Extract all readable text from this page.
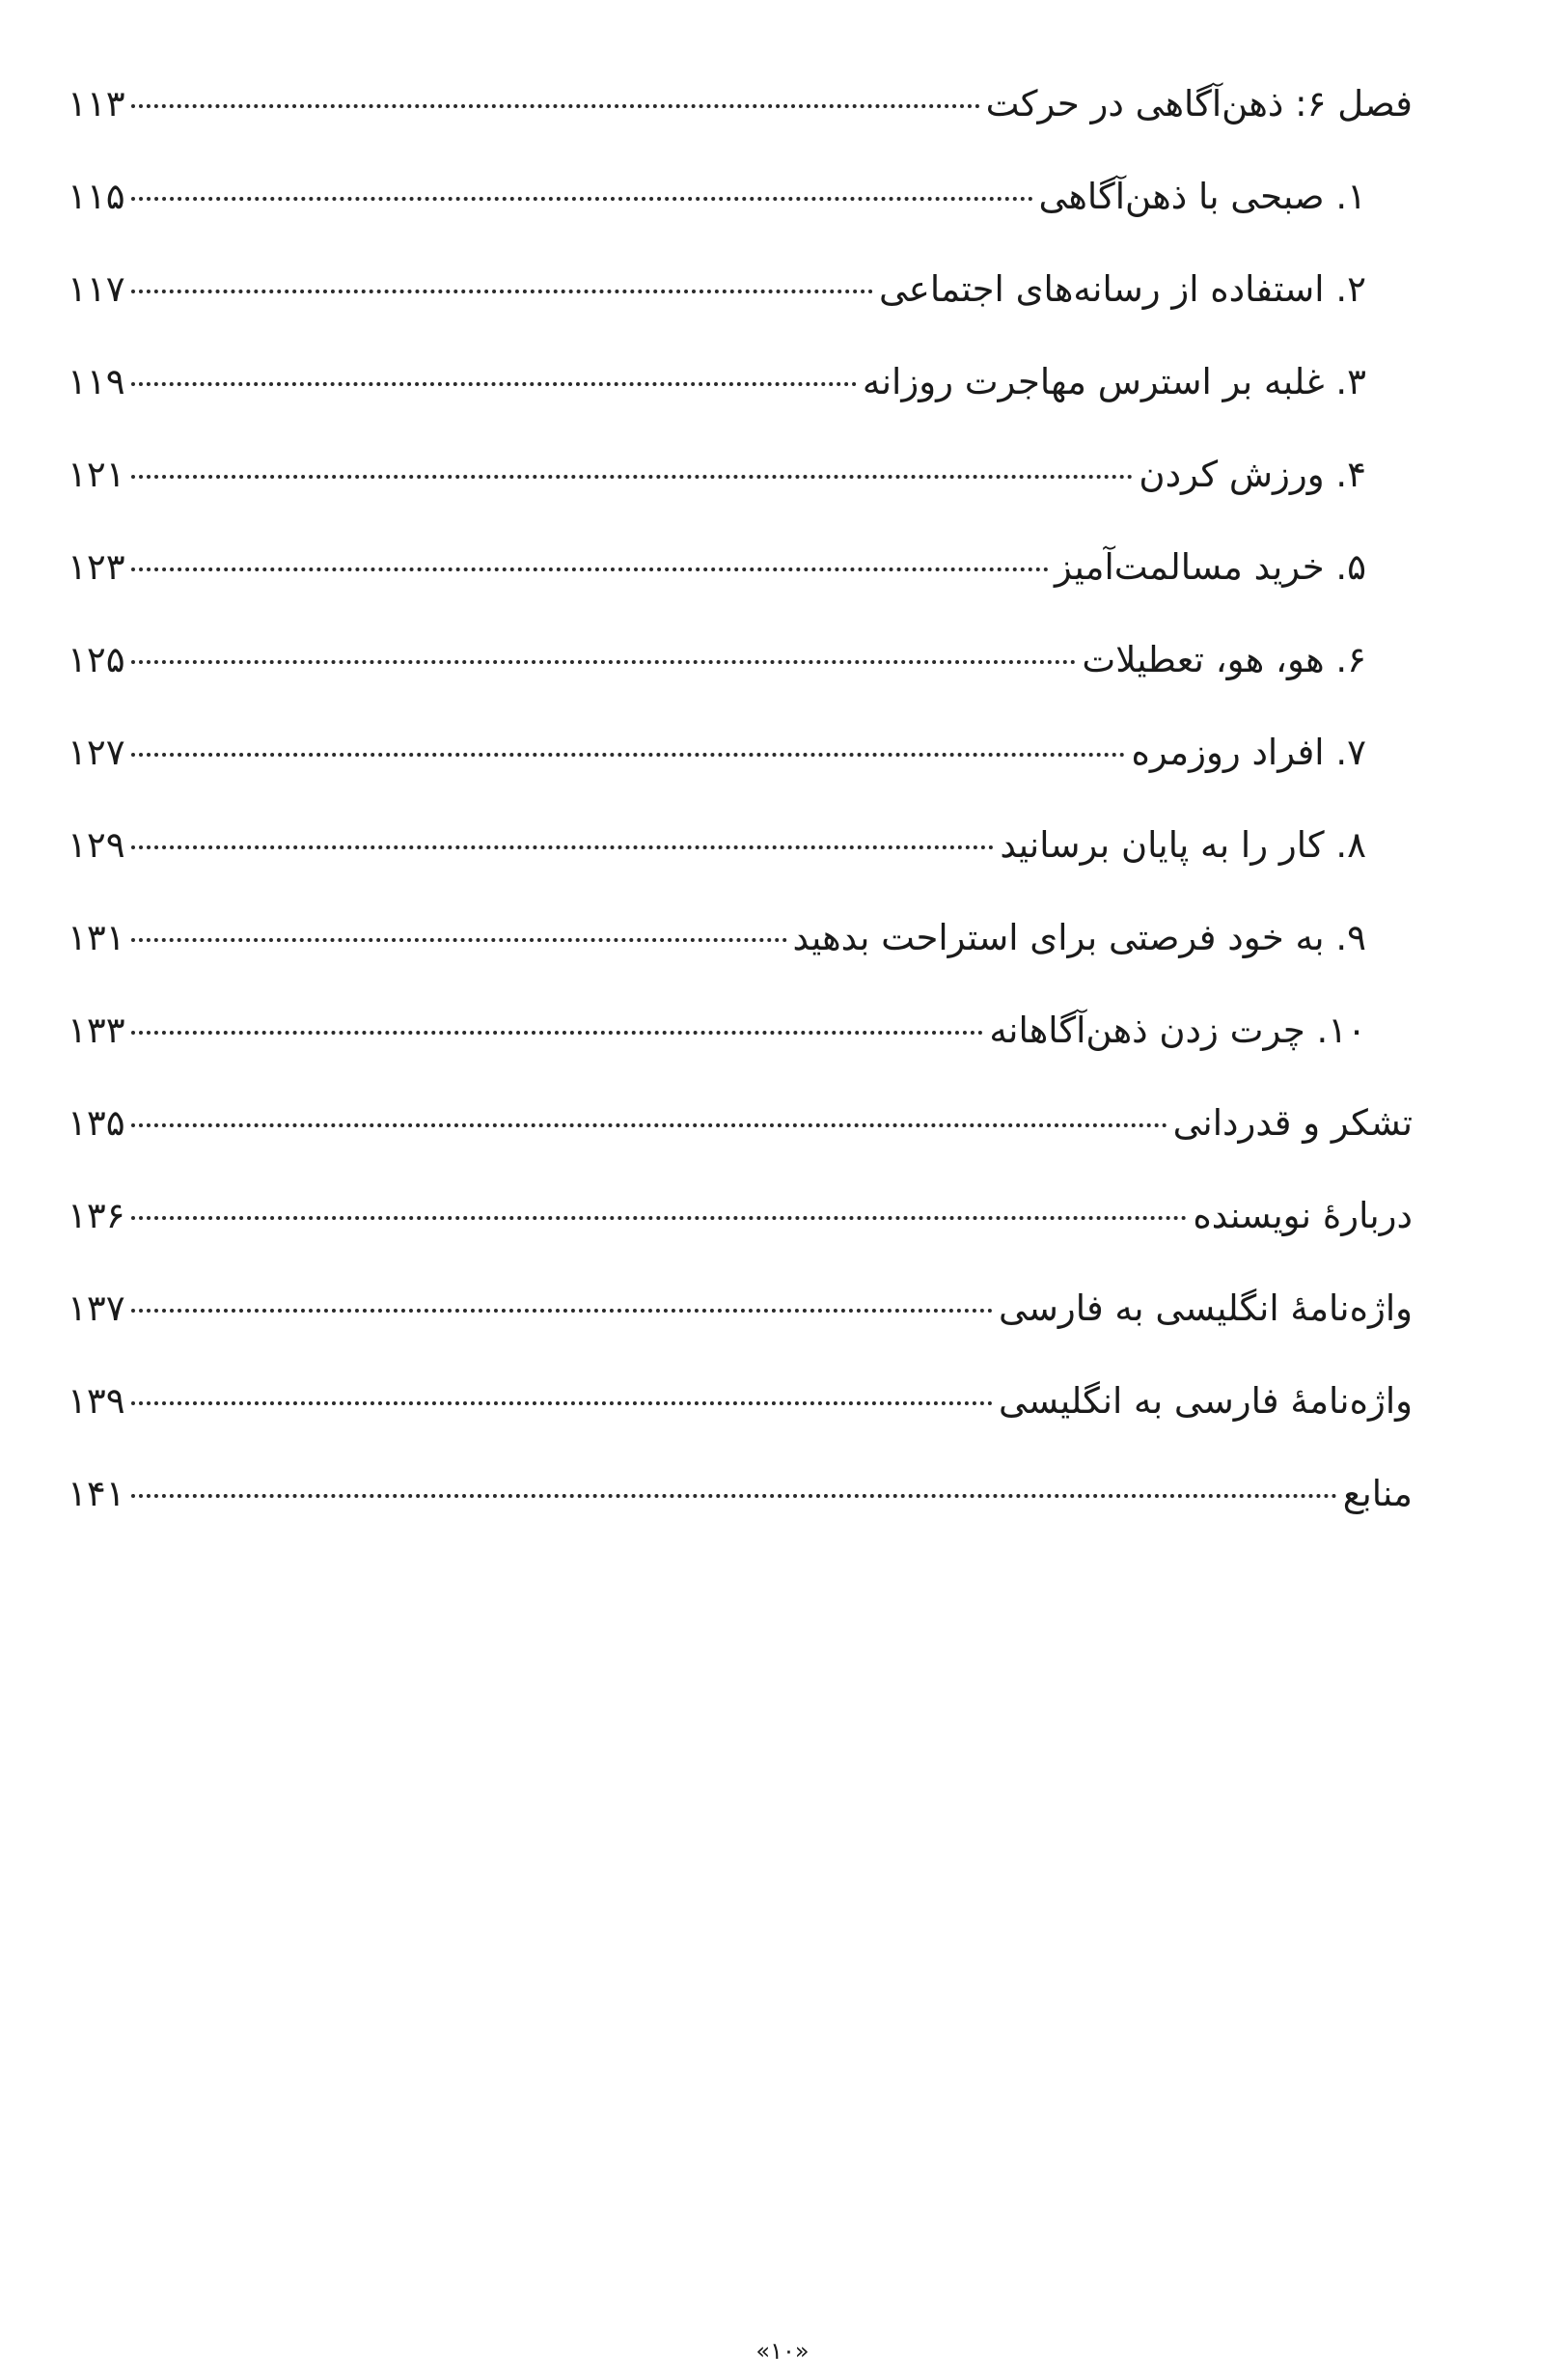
فصل ۶: ذهن‌آگاهی در حرکت
۱۱۳
۱. صبحی با ذهن‌آگاهی
۱۱۵
۲. استفاده از رسانه‌های اجتماعی
۱۱۷
۳. غلبه بر استرس مهاجرت روزانه
۱۱۹
۴. ورزش کردن
۱۲۱
۵. خرید مسالمت‌آمیز
۱۲۳
۶. هو، هو، تعطیلات
۱۲۵
۷. افراد روزمره
۱۲۷
۸. کار را به پایان برسانید
۱۲۹
۹. به خود فرصتی برای استراحت بدهید
۱۳۱
۱۰. چرت زدن ذهن‌آگاهانه
۱۳۳
تشکر و قدردانی
۱۳۵
دربارۀ نویسنده
۱۳۶
واژه‌نامۀ انگلیسی به فارسی
۱۳۷
واژه‌نامۀ فارسی به انگلیسی
۱۳۹
منابع
۱۴۱
«۱۰»
